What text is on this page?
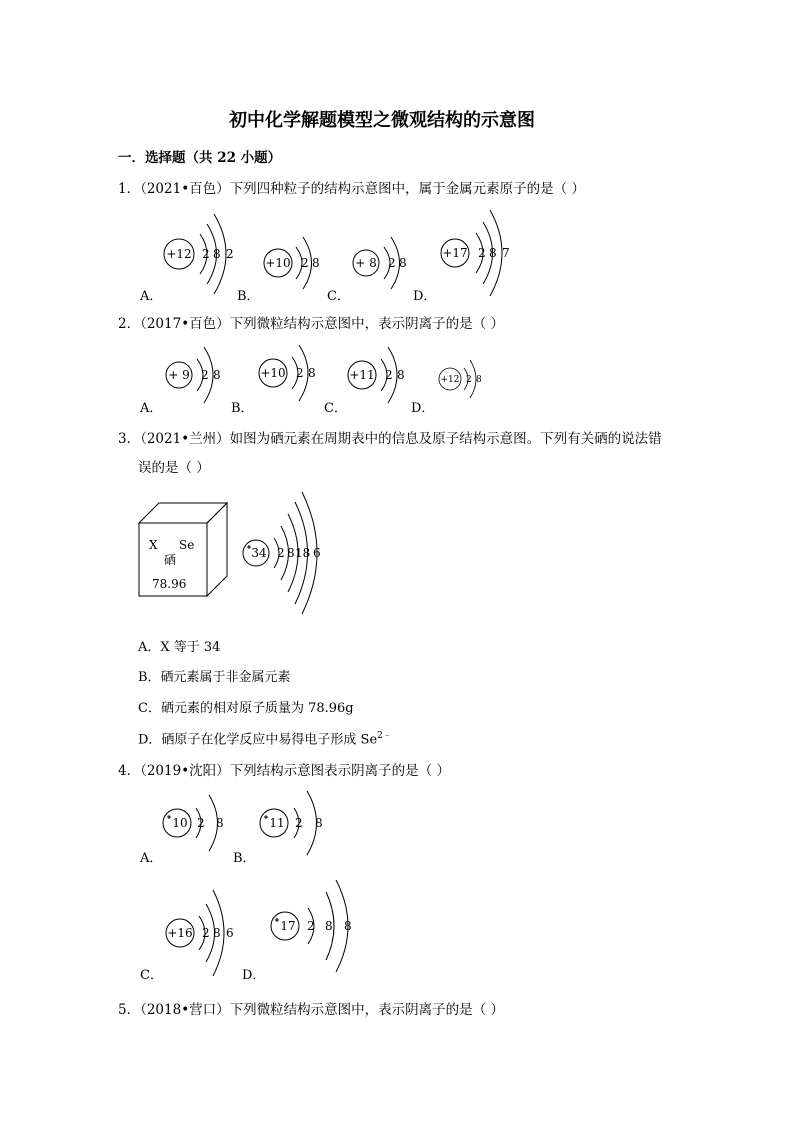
初中化学解题模型之微观结构的示意图
一．选择题（共 22 小题）
1．（2021•百色）下列四种粒子的结构示意图中，属于金属元素原子的是（ ）
+12 2 8 2
+10 2 8	+ 8 2 8
+17 2 8 7
A．	B．	C．	D．
2．（2017•百色）下列微粒结构示意图中，表示阴离子的是（ ）
+ 9 2 8	+10 2 8	+11 2 8	+12 2 8
A．	B．	C．	D．
3．（2021•兰州）如图为硒元素在周期表中的信息及原子结构示意图。下列有关硒的说法错
误的是（ ）
X Se
硒
78.96
34 2 8 18 6
A．X 等于 34
B．硒元素属于非金属元素
C．硒元素的相对原子质量为 78.96g
D．硒原子在化学反应中易得电子形成 $Se^{2﹣}$
4．（2019•沈阳）下列结构示意图表示阴离子的是（ ）
10 2 8	11 2 8
A．	B．
+16 2 8 6	17 2 8 8
C．	D．
5．（2018•营口）下列微粒结构示意图中，表示阴离子的是（ ）
